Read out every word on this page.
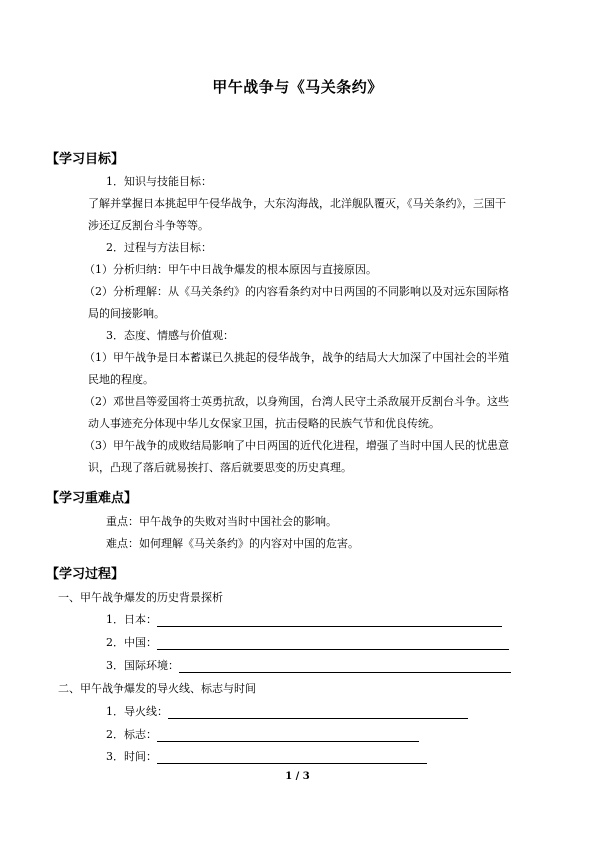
甲午战争与《马关条约》
【学习目标】
1．知识与技能目标：
了解并掌握日本挑起甲午侵华战争，大东沟海战，北洋舰队覆灭，《马关条约》，三国干
涉还辽反割台斗争等等。
2．过程与方法目标：
（1）分析归纳：甲午中日战争爆发的根本原因与直接原因。
（2）分析理解：从《马关条约》的内容看条约对中日两国的不同影响以及对远东国际格
局的间接影响。
3．态度、情感与价值观：
（1）甲午战争是日本蓄谋已久挑起的侵华战争，战争的结局大大加深了中国社会的半殖
民地的程度。
（2）邓世昌等爱国将士英勇抗敌，以身殉国，台湾人民守土杀敌展开反割台斗争。这些
动人事迹充分体现中华儿女保家卫国，抗击侵略的民族气节和优良传统。
（3）甲午战争的成败结局影响了中日两国的近代化进程，增强了当时中国人民的忧患意
识，凸现了落后就易挨打、落后就要思变的历史真理。
【学习重难点】
重点：甲午战争的失败对当时中国社会的影响。
难点：如何理解《马关条约》的内容对中国的危害。
【学习过程】
一、甲午战争爆发的历史背景探析
1．日本：
2．中国：
3．国际环境：
二、甲午战争爆发的导火线、标志与时间
1．导火线：
2．标志：
3．时间：
1 / 3
